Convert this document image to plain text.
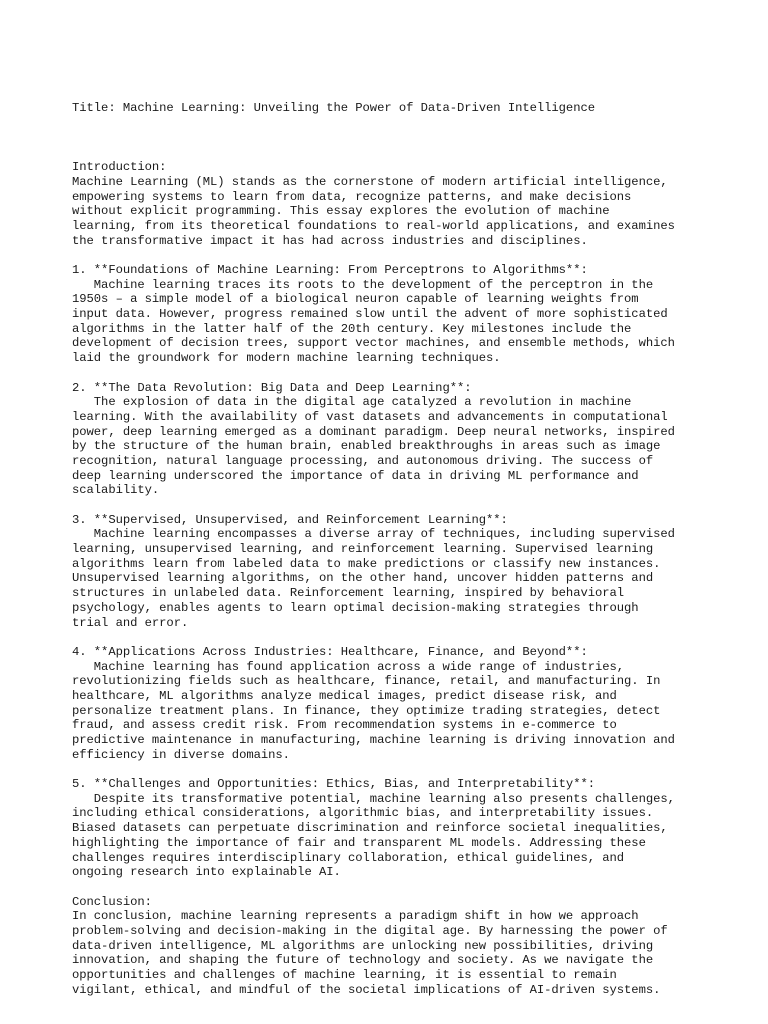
Title: Machine Learning: Unveiling the Power of Data-Driven Intelligence

Introduction:
Machine Learning (ML) stands as the cornerstone of modern artificial intelligence,
empowering systems to learn from data, recognize patterns, and make decisions
without explicit programming. This essay explores the evolution of machine
learning, from its theoretical foundations to real-world applications, and examines
the transformative impact it has had across industries and disciplines.
1. **Foundations of Machine Learning: From Perceptrons to Algorithms**:
Machine learning traces its roots to the development of the perceptron in the
1950s – a simple model of a biological neuron capable of learning weights from
input data. However, progress remained slow until the advent of more sophisticated
algorithms in the latter half of the 20th century. Key milestones include the
development of decision trees, support vector machines, and ensemble methods, which
laid the groundwork for modern machine learning techniques.
2. **The Data Revolution: Big Data and Deep Learning**:
The explosion of data in the digital age catalyzed a revolution in machine
learning. With the availability of vast datasets and advancements in computational
power, deep learning emerged as a dominant paradigm. Deep neural networks, inspired
by the structure of the human brain, enabled breakthroughs in areas such as image
recognition, natural language processing, and autonomous driving. The success of
deep learning underscored the importance of data in driving ML performance and
scalability.
3. **Supervised, Unsupervised, and Reinforcement Learning**:
Machine learning encompasses a diverse array of techniques, including supervised
learning, unsupervised learning, and reinforcement learning. Supervised learning
algorithms learn from labeled data to make predictions or classify new instances.
Unsupervised learning algorithms, on the other hand, uncover hidden patterns and
structures in unlabeled data. Reinforcement learning, inspired by behavioral
psychology, enables agents to learn optimal decision-making strategies through
trial and error.
4. **Applications Across Industries: Healthcare, Finance, and Beyond**:
Machine learning has found application across a wide range of industries,
revolutionizing fields such as healthcare, finance, retail, and manufacturing. In
healthcare, ML algorithms analyze medical images, predict disease risk, and
personalize treatment plans. In finance, they optimize trading strategies, detect
fraud, and assess credit risk. From recommendation systems in e-commerce to
predictive maintenance in manufacturing, machine learning is driving innovation and
efficiency in diverse domains.
5. **Challenges and Opportunities: Ethics, Bias, and Interpretability**:
Despite its transformative potential, machine learning also presents challenges,
including ethical considerations, algorithmic bias, and interpretability issues.
Biased datasets can perpetuate discrimination and reinforce societal inequalities,
highlighting the importance of fair and transparent ML models. Addressing these
challenges requires interdisciplinary collaboration, ethical guidelines, and
ongoing research into explainable AI.
Conclusion:
In conclusion, machine learning represents a paradigm shift in how we approach
problem-solving and decision-making in the digital age. By harnessing the power of
data-driven intelligence, ML algorithms are unlocking new possibilities, driving
innovation, and shaping the future of technology and society. As we navigate the
opportunities and challenges of machine learning, it is essential to remain
vigilant, ethical, and mindful of the societal implications of AI-driven systems.
